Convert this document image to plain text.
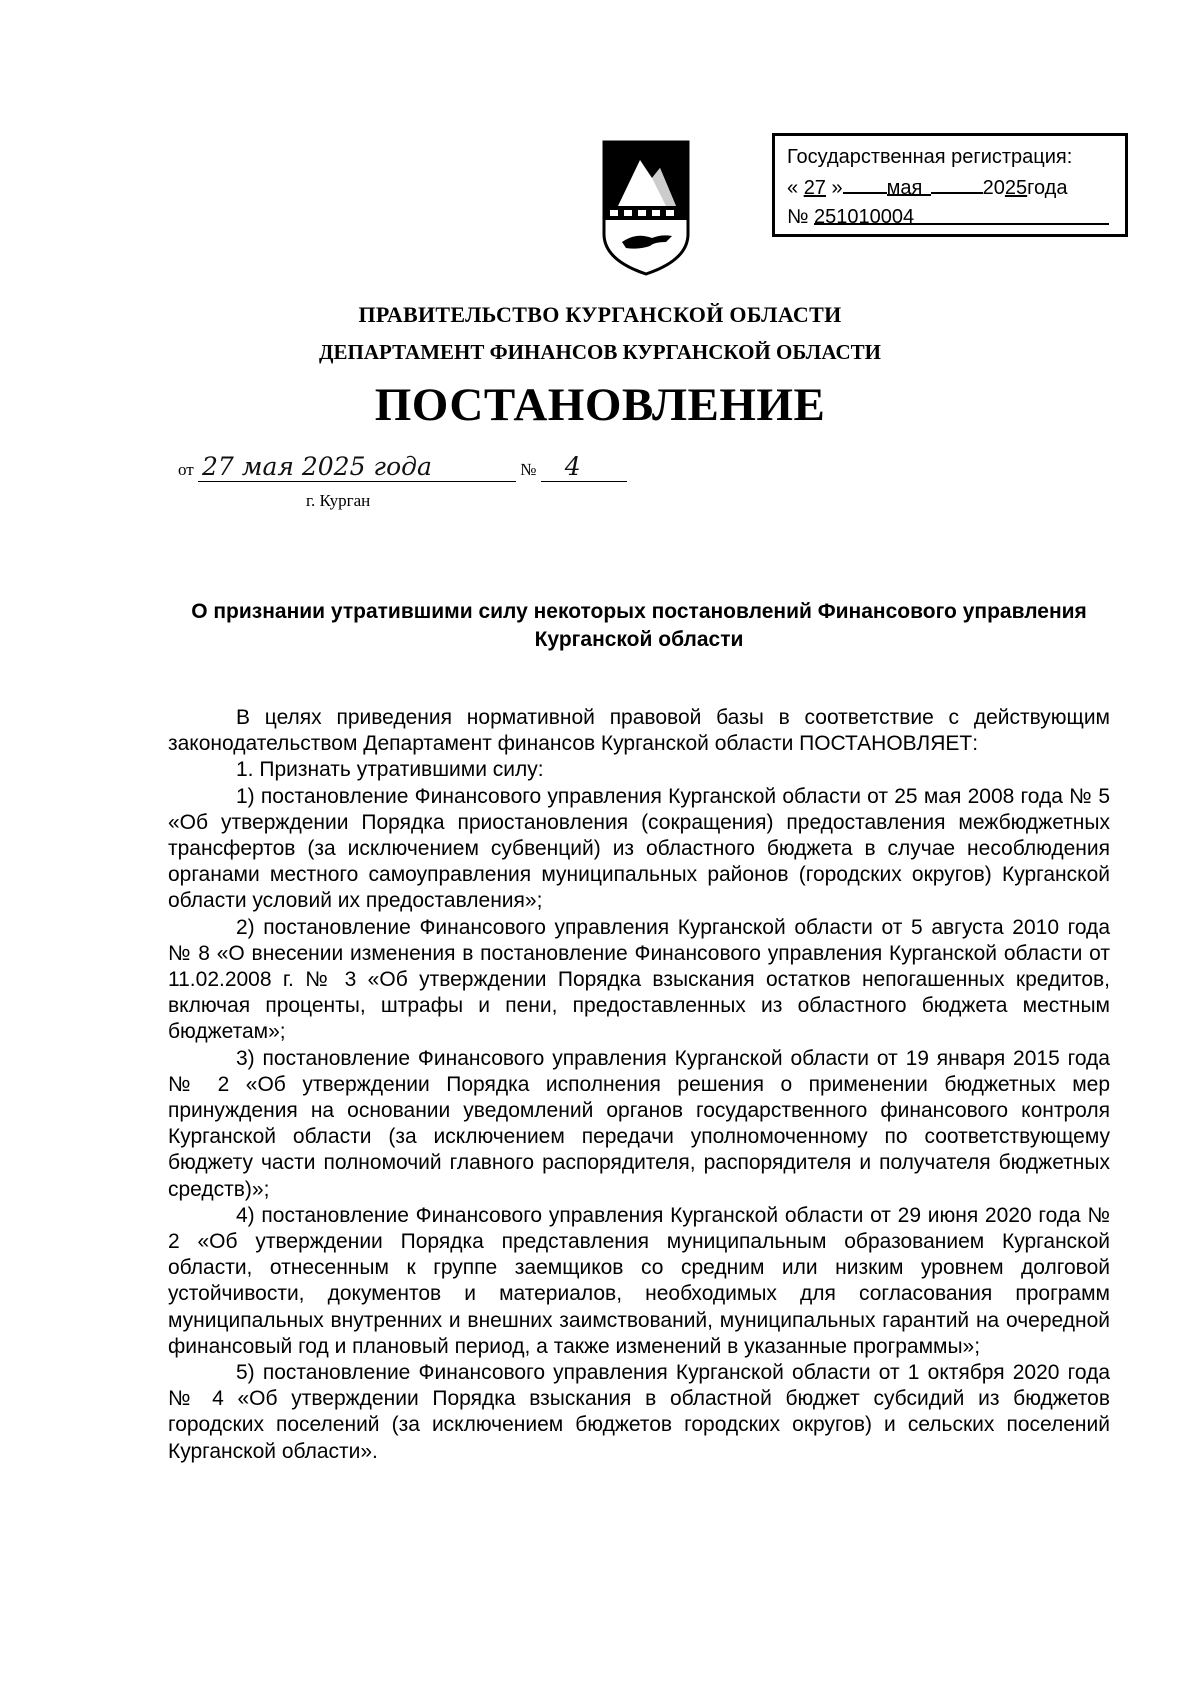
Государственная регистрация:
« 27 » мая	2025года
№ 251010004
ПРАВИТЕЛЬСТВО КУРГАНСКОЙ ОБЛАСТИ
ДЕПАРТАМЕНТ ФИНАНСОВ КУРГАНСКОЙ ОБЛАСТИ
ПОСТАНОВЛЕНИЕ
от 27 мая 2025 года	№ 4
г. Курган
О признании утратившими силу некоторых постановлений Финансового управления Курганской области

В целях приведения нормативной правовой базы в соответствие с действующим законодательством Департамент финансов Курганской области ПОСТАНОВЛЯЕТ:

1. Признать утратившими силу:

1) постановление Финансового управления Курганской области от 25 мая 2008 года № 5 «Об утверждении Порядка приостановления (сокращения) предоставления межбюджетных трансфертов (за исключением субвенций) из областного бюджета в случае несоблюдения органами местного самоуправления муниципальных районов (городских округов) Курганской области условий их предоставления»;

2) постановление Финансового управления Курганской области от 5 августа 2010 года № 8 «О внесении изменения в постановление Финансового управления Курганской области от 11.02.2008 г. № 3 «Об утверждении Порядка взыскания остатков непогашенных кредитов, включая проценты, штрафы и пени, предоставленных из областного бюджета местным бюджетам»;

3) постановление Финансового управления Курганской области от 19 января 2015 года № 2 «Об утверждении Порядка исполнения решения о применении бюджетных мер принуждения на основании уведомлений органов государственного финансового контроля Курганской области (за исключением передачи уполномоченному по соответствующему бюджету части полномочий главного распорядителя, распорядителя и получателя бюджетных средств)»;

4) постановление Финансового управления Курганской области от 29 июня 2020 года № 2 «Об утверждении Порядка представления муниципальным образованием Курганской области, отнесенным к группе заемщиков со средним или низким уровнем долговой устойчивости, документов и материалов, необходимых для согласования программ муниципальных внутренних и внешних заимствований, муниципальных гарантий на очередной финансовый год и плановый период, а также изменений в указанные программы»;

5) постановление Финансового управления Курганской области от 1 октября 2020 года № 4 «Об утверждении Порядка взыскания в областной бюджет субсидий из бюджетов городских поселений (за исключением бюджетов городских округов) и сельских поселений Курганской области».
